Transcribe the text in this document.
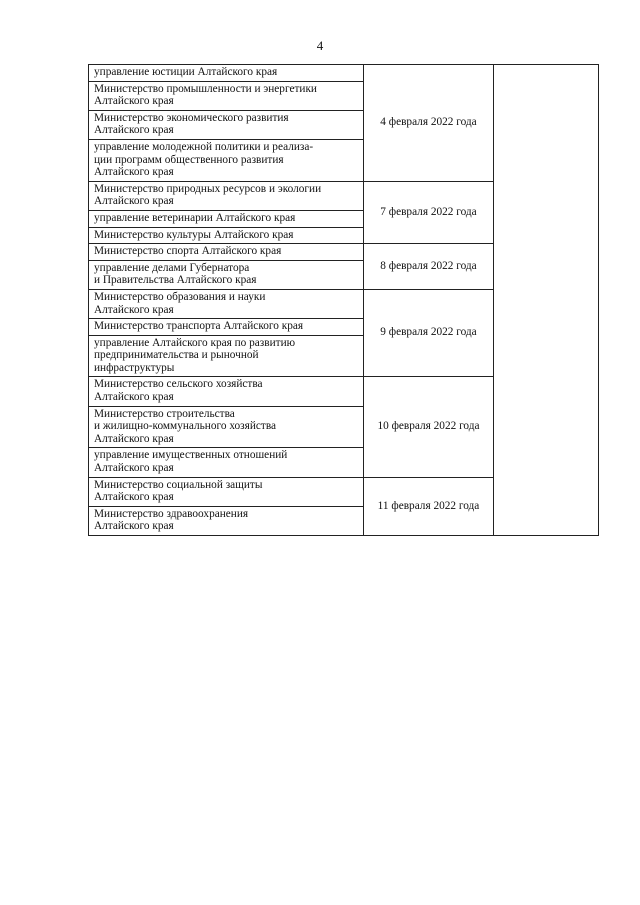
4
управление юстиции Алтайского края	4 февраля 2022 года	

Министерство промышленности и энергетики
Алтайского края		

Министерство экономического развития
Алтайского края		

управление молодежной политики и реализа-
ции программ общественного развития
Алтайского края		

Министерство природных ресурсов и экологии
Алтайского края	7 февраля 2022 года	

управление ветеринарии Алтайского края		

Министерство культуры Алтайского края		

Министерство спорта Алтайского края	8 февраля 2022 года	

управление делами Губернатора
и Правительства Алтайского края		

Министерство образования и науки
Алтайского края	9 февраля 2022 года	

Министерство транспорта Алтайского края		

управление Алтайского края по развитию
предпринимательства и рыночной
инфраструктуры		

Министерство сельского хозяйства
Алтайского края	10 февраля 2022 года	

Министерство строительства
и жилищно-коммунального хозяйства
Алтайского края		

управление имущественных отношений
Алтайского края		

Министерство социальной защиты
Алтайского края	11 февраля 2022 года	

Министерство здравоохранения
Алтайского края		
